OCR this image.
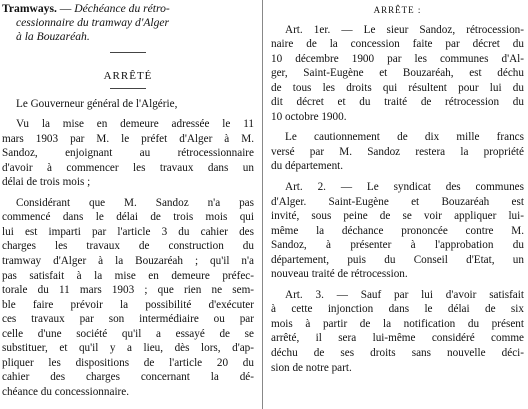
Tramways. — Déchéance du rétro-
cessionnaire du tramway d'Alger
à la Bouzaréah.
ARRÊTÉ
Le Gouverneur général de l'Algérie,
Vu la mise en demeure adressée le 11
mars 1903 par M. le préfet d'Alger à M.
Sandoz, enjoignant au rétrocessionnaire
d'avoir à commencer les travaux dans un
délai de trois mois ;
Considérant que M. Sandoz n'a pas
commencé dans le délai de trois mois qui
lui est imparti par l'article 3 du cahier des
charges les travaux de construction du
tramway d'Alger à la Bouzaréah ; qu'il n'a
pas satisfait à la mise en demeure préfec-
torale du 11 mars 1903 ; que rien ne sem-
ble faire prévoir la possibilité d'exécuter
ces travaux par son intermédiaire ou par
celle d'une société qu'il a essayé de se
substituer, et qu'il y a lieu, dès lors, d'ap-
pliquer les dispositions de l'article 20 du
cahier des charges concernant la dé-
chéance du concessionnaire.
ARRÊTE :
Art. 1er. — Le sieur Sandoz, rétrocession-
naire de la concession faite par décret du
10 décembre 1900 par les communes d'Al-
ger, Saint-Eugène et Bouzaréah, est déchu
de tous les droits qui résultent pour lui du
dit décret et du traité de rétrocession du
10 octobre 1900.
Le cautionnement de dix mille francs
versé par M. Sandoz restera la propriété
du département.
Art. 2. — Le syndicat des communes
d'Alger. Saint-Eugène et Bouzaréah est
invité, sous peine de se voir appliquer lui-
même la déchance prononcée contre M.
Sandoz, à présenter à l'approbation du
département, puis du Conseil d'Etat, un
nouveau traité de rétrocession.
Art. 3. — Sauf par lui d'avoir satisfait
à cette injonction dans le délai de six
mois à partir de la notification du présent
arrêté, il sera lui-même considéré comme
déchu de ses droits sans nouvelle déci-
sion de notre part.
